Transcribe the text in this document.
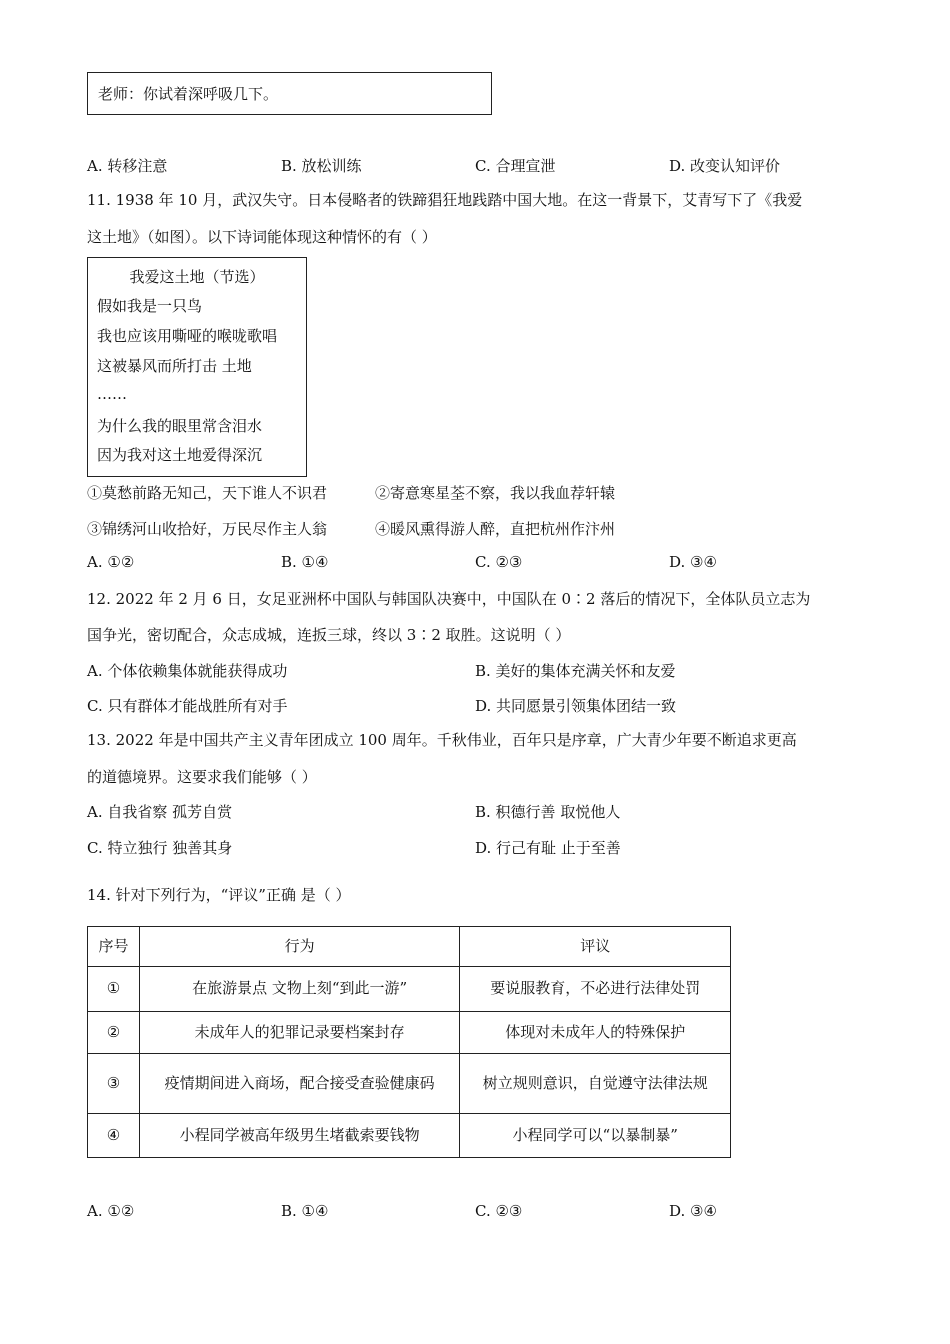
老师：你试着深呼吸几下。
A. 转移注意	B. 放松训练	C. 合理宣泄	D. 改变认知评价
11. 1938 年 10 月，武汉失守。日本侵略者的铁蹄猖狂地践踏中国大地。在这一背景下，艾青写下了《我爱
这土地》（如图）。以下诗词能体现这种情怀的有（ ）
我爱这土地（节选）
假如我是一只鸟
我也应该用嘶哑的喉咙歌唱
这被暴风而所打击 土地
……
为什么我的眼里常含泪水
因为我对这土地爱得深沉
①莫愁前路无知己，天下谁人不识君	②寄意寒星荃不察，我以我血荐轩辕
③锦绣河山收拾好，万民尽作主人翁	④暖风熏得游人醉，直把杭州作汴州
A. ①②	B. ①④	C. ②③	D. ③④
12. 2022 年 2 月 6 日，女足亚洲杯中国队与韩国队决赛中，中国队在 0∶2 落后的情况下，全体队员立志为
国争光，密切配合，众志成城，连扳三球，终以 3∶2 取胜。这说明（ ）
A. 个体依赖集体就能获得成功	B. 美好的集体充满关怀和友爱
C. 只有群体才能战胜所有对手	D. 共同愿景引领集体团结一致
13. 2022 年是中国共产主义青年团成立 100 周年。千秋伟业，百年只是序章，广大青少年要不断追求更高
的道德境界。这要求我们能够（ ）
A. 自我省察 孤芳自赏	B. 积德行善 取悦他人
C. 特立独行 独善其身	D. 行己有耻 止于至善
14. 针对下列行为，“评议”正确 是（ ）
序号	行为	评议
①	在旅游景点 文物上刻“到此一游”	要说服教育，不必进行法律处罚
②	未成年人的犯罪记录要档案封存	体现对未成年人的特殊保护
③	疫情期间进入商场，配合接受查验健康码	树立规则意识，自觉遵守法律法规
④	小程同学被高年级男生堵截索要钱物	小程同学可以“以暴制暴”
A. ①②	B. ①④	C. ②③	D. ③④
